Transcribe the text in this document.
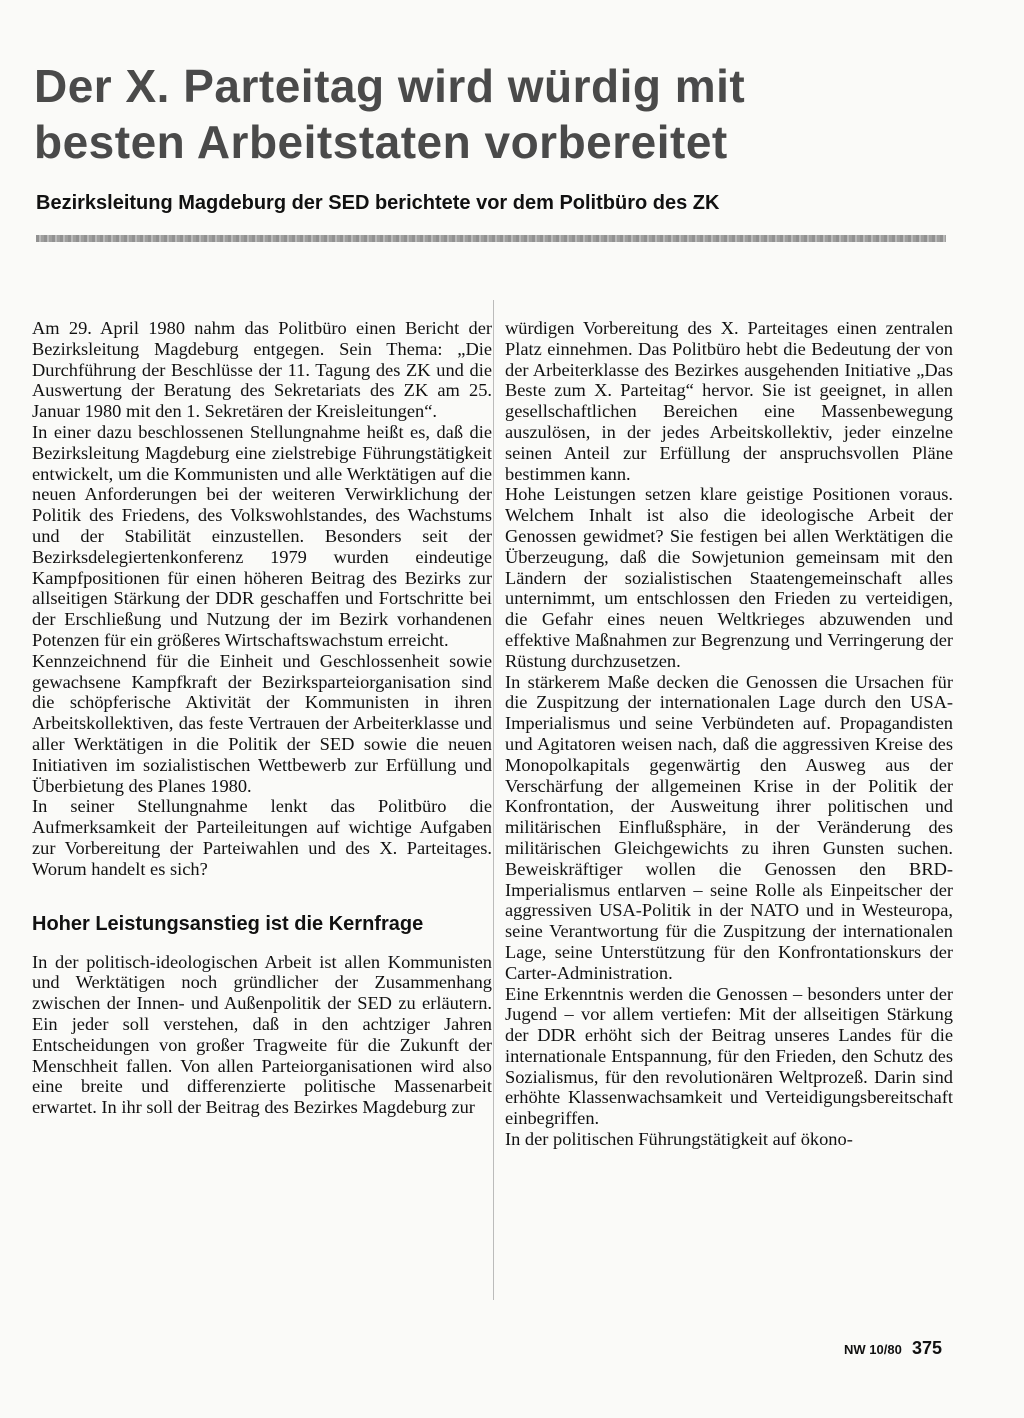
Der X. Parteitag wird würdig mit
besten Arbeitstaten vorbereitet
Bezirksleitung Magdeburg der SED berichtete vor dem Politbüro des ZK

Am 29. April 1980 nahm das Politbüro einen Bericht der Bezirksleitung Magdeburg entgegen. Sein Thema: „Die Durchführung der Beschlüsse der 11. Tagung des ZK und die Auswertung der Beratung des Sekretariats des ZK am 25. Januar 1980 mit den 1. Sekretären der Kreisleitungen“.

In einer dazu beschlossenen Stellungnahme heißt es, daß die Bezirksleitung Magdeburg eine zielstrebige Führungstätigkeit entwickelt, um die Kommunisten und alle Werktätigen auf die neuen Anforderungen bei der weiteren Verwirklichung der Politik des Friedens, des Volkswohlstandes, des Wachstums und der Stabilität einzustellen. Besonders seit der Bezirksdelegiertenkonferenz 1979 wurden eindeutige Kampfpositionen für einen höheren Beitrag des Bezirks zur allseitigen Stärkung der DDR geschaffen und Fortschritte bei der Erschließung und Nutzung der im Bezirk vorhandenen Potenzen für ein größeres Wirtschaftswachstum erreicht.

Kennzeichnend für die Einheit und Geschlossenheit sowie gewachsene Kampfkraft der Bezirksparteiorganisation sind die schöpferische Aktivität der Kommunisten in ihren Arbeitskollektiven, das feste Vertrauen der Arbeiterklasse und aller Werktätigen in die Politik der SED sowie die neuen Initiativen im sozialistischen Wettbewerb zur Erfüllung und Überbietung des Planes 1980.

In seiner Stellungnahme lenkt das Politbüro die Aufmerksamkeit der Parteileitungen auf wichtige Aufgaben zur Vorbereitung der Parteiwahlen und des X. Parteitages. Worum handelt es sich?

Hoher Leistungsanstieg ist die Kernfrage

In der politisch-ideologischen Arbeit ist allen Kommunisten und Werktätigen noch gründlicher der Zusammenhang zwischen der Innen- und Außenpolitik der SED zu erläutern. Ein jeder soll verstehen, daß in den achtziger Jahren Entscheidungen von großer Tragweite für die Zukunft der Menschheit fallen. Von allen Parteiorganisationen wird also eine breite und differenzierte politische Massenarbeit erwartet. In ihr soll der Beitrag des Bezirkes Magdeburg zur

würdigen Vorbereitung des X. Parteitages einen zentralen Platz einnehmen. Das Politbüro hebt die Bedeutung der von der Arbeiterklasse des Bezirkes ausgehenden Initiative „Das Beste zum X. Parteitag“ hervor. Sie ist geeignet, in allen gesellschaftlichen Bereichen eine Massenbewegung auszulösen, in der jedes Arbeitskollektiv, jeder einzelne seinen Anteil zur Erfüllung der anspruchsvollen Pläne bestimmen kann.

Hohe Leistungen setzen klare geistige Positionen voraus. Welchem Inhalt ist also die ideologische Arbeit der Genossen gewidmet? Sie festigen bei allen Werktätigen die Überzeugung, daß die Sowjetunion gemeinsam mit den Ländern der sozialistischen Staatengemeinschaft alles unternimmt, um entschlossen den Frieden zu verteidigen, die Gefahr eines neuen Weltkrieges abzuwenden und effektive Maßnahmen zur Begrenzung und Verringerung der Rüstung durchzusetzen.

In stärkerem Maße decken die Genossen die Ursachen für die Zuspitzung der internationalen Lage durch den USA-Imperialismus und seine Verbündeten auf. Propagandisten und Agitatoren weisen nach, daß die aggressiven Kreise des Monopolkapitals gegenwärtig den Ausweg aus der Verschärfung der allgemeinen Krise in der Politik der Konfrontation, der Ausweitung ihrer politischen und militärischen Einflußsphäre, in der Veränderung des militärischen Gleichgewichts zu ihren Gunsten suchen. Beweiskräftiger wollen die Genossen den BRD-Imperialismus entlarven – seine Rolle als Einpeitscher der aggressiven USA-Politik in der NATO und in Westeuropa, seine Verantwortung für die Zuspitzung der internationalen Lage, seine Unterstützung für den Konfrontationskurs der Carter-Administration.

Eine Erkenntnis werden die Genossen – besonders unter der Jugend – vor allem vertiefen: Mit der allseitigen Stärkung der DDR erhöht sich der Beitrag unseres Landes für die internationale Entspannung, für den Frieden, den Schutz des Sozialismus, für den revolutionären Weltprozeß. Darin sind erhöhte Klassenwachsamkeit und Verteidigungsbereitschaft einbegriffen.

In der politischen Führungstätigkeit auf ökono-

NW 10/80 375
